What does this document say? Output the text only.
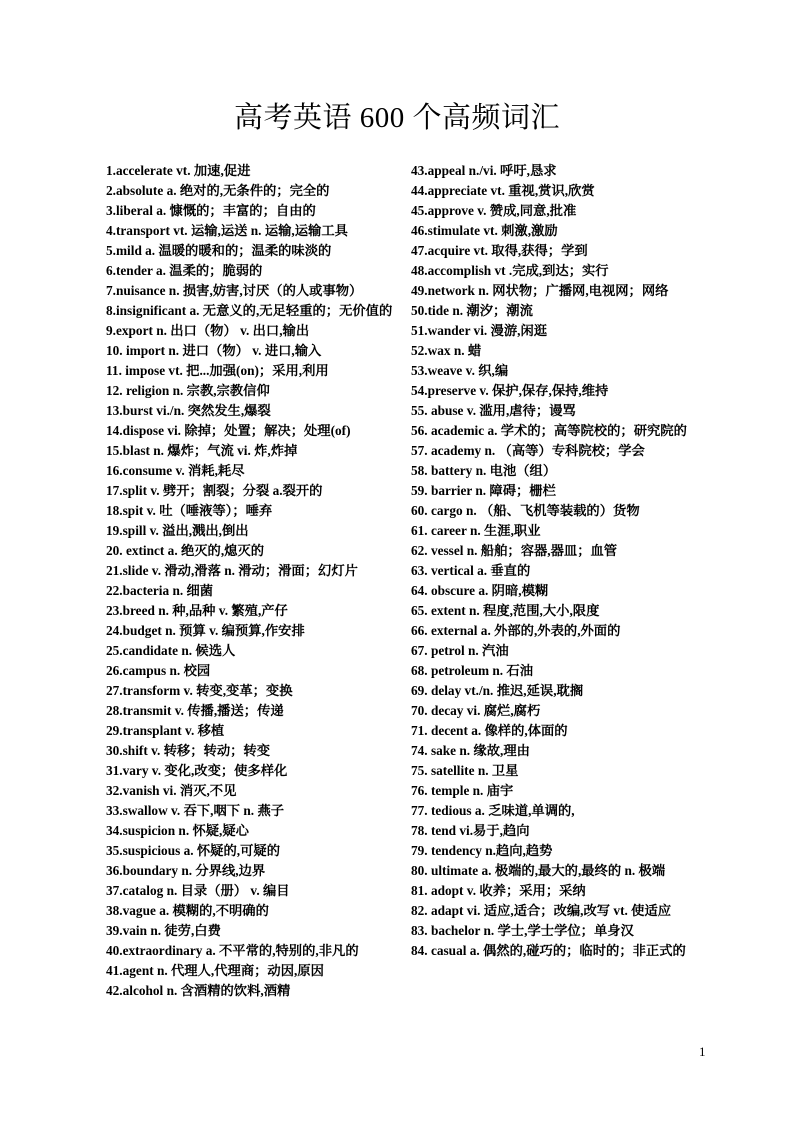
高考英语 600 个高频词汇

1.accelerate vt. 加速,促进

2.absolute a. 绝对的,无条件的；完全的

3.liberal a. 慷慨的；丰富的；自由的

4.transport vt. 运输,运送 n. 运输,运输工具

5.mild a. 温暖的暖和的；温柔的味淡的

6.tender a. 温柔的；脆弱的

7.nuisance n. 损害,妨害,讨厌（的人或事物）

8.insignificant a. 无意义的,无足轻重的；无价值的

9.export n. 出口（物） v. 出口,输出

10. import n. 进口（物） v. 进口,输入

11. impose vt. 把...加强(on)；采用,利用

12. religion n. 宗教,宗教信仰

13.burst vi./n. 突然发生,爆裂

14.dispose vi. 除掉；处置；解决；处理(of)

15.blast n. 爆炸；气流 vi. 炸,炸掉

16.consume v. 消耗,耗尽

17.split v. 劈开；割裂；分裂 a.裂开的

18.spit v. 吐（唾液等）；唾弃

19.spill v. 溢出,溅出,倒出

20. extinct a. 绝灭的,熄灭的

21.slide v. 滑动,滑落 n. 滑动；滑面；幻灯片

22.bacteria n. 细菌

23.breed n. 种,品种 v. 繁殖,产仔

24.budget n. 预算 v. 编预算,作安排

25.candidate n. 候选人

26.campus n. 校园

27.transform v. 转变,变革；变换

28.transmit v. 传播,播送；传递

29.transplant v. 移植

30.shift v. 转移；转动；转变

31.vary v. 变化,改变；使多样化

32.vanish vi. 消灭,不见

33.swallow v. 吞下,咽下 n. 燕子

34.suspicion n. 怀疑,疑心

35.suspicious a. 怀疑的,可疑的

36.boundary n. 分界线,边界

37.catalog n. 目录（册） v. 编目

38.vague a. 模糊的,不明确的

39.vain n. 徒劳,白费

40.extraordinary a. 不平常的,特别的,非凡的

41.agent n. 代理人,代理商；动因,原因

42.alcohol n. 含酒精的饮料,酒精

43.appeal n./vi. 呼吁,恳求

44.appreciate vt. 重视,赏识,欣赏

45.approve v. 赞成,同意,批准

46.stimulate vt. 刺激,激励

47.acquire vt. 取得,获得；学到

48.accomplish vt .完成,到达；实行

49.network n. 网状物；广播网,电视网；网络

50.tide n. 潮汐；潮流

51.wander vi. 漫游,闲逛

52.wax n. 蜡

53.weave v. 织,编

54.preserve v. 保护,保存,保持,维持

55. abuse v. 滥用,虐待；谩骂

56. academic a. 学术的；高等院校的；研究院的

57. academy n. （高等）专科院校；学会

58. battery n. 电池（组）

59. barrier n. 障碍；栅栏

60. cargo n. （船、飞机等装载的）货物

61. career n. 生涯,职业

62. vessel n. 船舶；容器,器皿；血管

63. vertical a. 垂直的

64. obscure a. 阴暗,模糊

65. extent n. 程度,范围,大小,限度

66. external a. 外部的,外表的,外面的

67. petrol n. 汽油

68. petroleum n. 石油

69. delay vt./n. 推迟,延误,耽搁

70. decay vi. 腐烂,腐朽

71. decent a. 像样的,体面的

74. sake n. 缘故,理由

75. satellite n. 卫星

76. temple n. 庙宇

77. tedious a. 乏味道,单调的,

78. tend vi.易于,趋向

79. tendency n.趋向,趋势

80. ultimate a. 极端的,最大的,最终的 n. 极端

81. adopt v. 收养；采用；采纳

82. adapt vi. 适应,适合；改编,改写 vt. 使适应

83. bachelor n. 学士,学士学位；单身汉

84. casual a. 偶然的,碰巧的；临时的；非正式的

1
